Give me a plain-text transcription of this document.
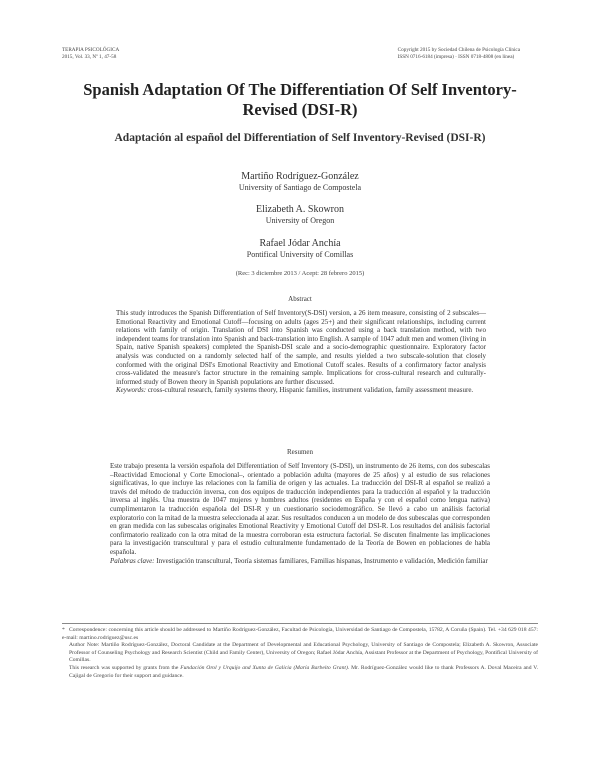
TERAPIA PSICOLÓGICA
2015, Vol. 33, Nº 1, 47-58
Copyright 2015 by Sociedad Chilena de Psicología Clínica
ISSN 0716-6184 (impresa) · ISSN 0718-4808 (en línea)
Spanish Adaptation Of The Differentiation Of Self Inventory-Revised (DSI-R)
Adaptación al español del Differentiation of Self Inventory-Revised (DSI-R)
Martiño Rodríguez-González
University of Santiago de Compostela
Elizabeth A. Skowron
University of Oregon
Rafael Jódar Anchía
Pontifical University of Comillas
(Rec: 3 diciembre 2013 / Acept: 28 febrero 2015)
Abstract
This study introduces the Spanish Differentiation of Self Inventory(S-DSI) version, a 26 item measure, consisting of 2 subscales—Emotional Reactivity and Emotional Cutoff—focusing on adults (ages 25+) and their significant relationships, including current relations with family of origin. Translation of DSI into Spanish was conducted using a back translation method, with two independent teams for translation into Spanish and back-translation into English. A sample of 1047 adult men and women (living in Spain, native Spanish speakers) completed the Spanish-DSI scale and a socio-demographic questionnaire. Exploratory factor analysis was conducted on a randomly selected half of the sample, and results yielded a two subscale-solution that closely conformed with the original DSI's Emotional Reactivity and Emotional Cutoff scales. Results of a confirmatory factor analysis cross-validated the measure's factor structure in the remaining sample. Implications for cross-cultural research and culturally-informed study of Bowen theory in Spanish populations are further discussed.
Keywords: cross-cultural research, family systems theory, Hispanic families, instrument validation, family assessment measure.
Resumen
Este trabajo presenta la versión española del Differentiation of Self Inventory (S-DSI), un instrumento de 26 ítems, con dos subescalas –Reactividad Emocional y Corte Emocional–, orientado a población adulta (mayores de 25 años) y al estudio de sus relaciones significativas, lo que incluye las relaciones con la familia de origen y las actuales. La traducción del DSI-R al español se realizó a través del método de traducción inversa, con dos equipos de traducción independientes para la traducción al español y la traducción inversa al inglés. Una muestra de 1047 mujeres y hombres adultos (residentes en España y con el español como lengua nativa) cumplimentaron la traducción española del DSI-R y un cuestionario sociodemográfico. Se llevó a cabo un análisis factorial exploratorio con la mitad de la muestra seleccionada al azar. Sus resultados conducen a un modelo de dos subescalas que corresponden en gran medida con las subescalas originales Emotional Reactivity y Emotional Cutoff del DSI-R. Los resultados del análisis factorial confirmatorio realizado con la otra mitad de la muestra corroboran esta estructura factorial. Se discuten finalmente las implicaciones para la investigación transcultural y para el estudio culturalmente fundamentado de la Teoría de Bowen en poblaciones de habla española.
Palabras clave: Investigación transcultural, Teoría sistemas familiares, Familias hispanas, Instrumento e validación, Medición familiar

* Correspondence: concerning this article should be addressed to Martiño Rodríguez-González, Facultad de Psicología, Universidad de Santiago de Compostela, 15782, A Coruña (Spain). Tel. +34 629 018 457: e-mail: martino.rodriguez@usc.es

Author Note: Martiño Rodríguez-González, Doctoral Candidate at the Department of Developmental and Educational Psychology, University of Santiago de Compostela; Elizabeth A. Skowron, Associate Professor of Counseling Psychology and Research Scientist (Child and Family Center), University of Oregon; Rafael Jódar Anchía, Assistant Professor at the Department of Psychology, Pontifical University of Comillas.

This research was supported by grants from the Fundación Orol y Urquijo and Xunta de Galicia (María Barbeito Grant). Mr. Rodríguez-González would like to thank Professors A. Doval Maceira and V. Cajigal de Gregorio for their support and guidance.
